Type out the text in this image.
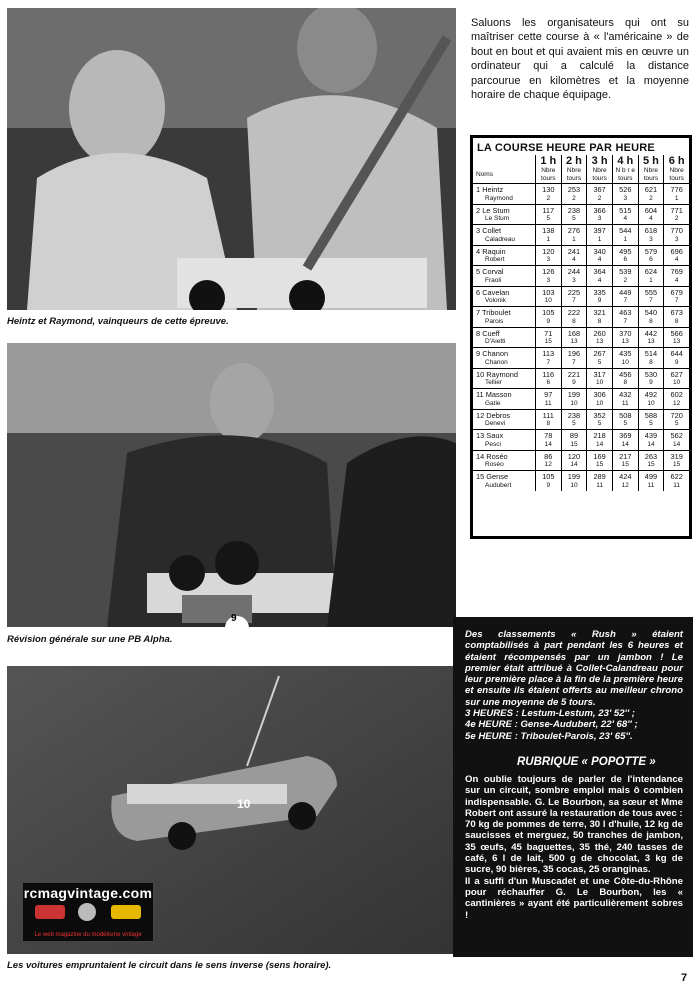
Heintz et Raymond, vainqueurs de cette épreuve.
Saluons les organisateurs qui ont su maîtriser cette course à « l'américaine » de bout en bout et qui avaient mis en œuvre un ordinateur qui a calculé la distance parcourue en kilomètres et la moyenne horaire de chaque équipage.
LA COURSE HEURE PAR HEURE
	1 h	2 h	3 h	4 h	5 h	6 h
Noms	Nbre tours	Nbre tours	Nbre tours	N b r e tours	Nbre tours	Nbre tours
1 Heintz	130	253	367	526	621	776
Raymond	2	2	2	3	2	1
2 Le Stum	117	238	366	515	604	771
Le Stum	5	5	3	4	4	2
3 Collet	138	276	397	544	618	770
Caladreau	1	1	1	1	3	3
4 Raquin	120	241	340	495	579	696
Robert	3	4	4	6	6	4
5 Corval	126	244	364	539	624	769
Fraoli	3	3	4	2	1	4
6 Cavelan	103	225	335	449	555	679
Volonik	10	7	9	7	7	7
7 Triboulet	105	222	321	463	540	673
Parois	9	8	8	7	8	8
8 Cueff	71	168	260	370	442	566
D'Aietti	15	13	13	13	13	13
9 Chanon	113	196	267	435	514	644
Chanon	7	7	5	10	8	9
10 Raymond	116	221	317	456	530	627
Tellier	6	9	10	8	9	10
11 Masson	97	199	306	432	492	602
Gatie	11	10	10	11	10	12
12 Debros	111	238	352	508	588	720
Denevi	8	5	5	5	5	5
13 Saux	78	89	218	369	439	562
Pesci	14	15	14	14	14	14
14 Roséo	86	120	169	217	263	319
Roséo	12	14	15	15	15	15
15 Gense	105	199	289	424	499	622
Audubert	9	10	11	12	11	11
9
Révision générale sur une PB Alpha.
10
rcmagvintage.com
Le web magazine du modélisme vintage
Les voitures empruntaient le circuit dans le sens inverse (sens horaire).
Des classements « Rush » étaient comptabilisés à part pendant les 6 heures et étaient récompensés par un jambon ! Le premier était attribué à Collet-Calandreau pour leur première place à la fin de la première heure et ensuite ils étaient offerts au meilleur chrono sur une moyenne de 5 tours.
3 HEURES : Lestum-Lestum, 23' 52'' ;
4e HEURE : Gense-Audubert, 22' 68'' ;
5e HEURE : Triboulet-Parois, 23' 65''.
RUBRIQUE « POPOTTE »
On oublie toujours de parler de l'intendance sur un circuit, sombre emploi mais ô combien indispensable. G. Le Bourbon, sa sœur et Mme Robert ont assuré la restauration de tous avec :
70 kg de pommes de terre, 30 l d'huile, 12 kg de saucisses et merguez, 50 tranches de jambon, 35 œufs, 45 baguettes, 35 thé, 240 tasses de café, 6 l de lait, 500 g de chocolat, 3 kg de sucre, 90 bières, 35 cocas, 25 oranginas.
Il a suffi d'un Muscadet et une Côte-du-Rhône pour réchauffer G. Le Bourbon, les « cantinières » ayant été particulièrement sobres !
7
